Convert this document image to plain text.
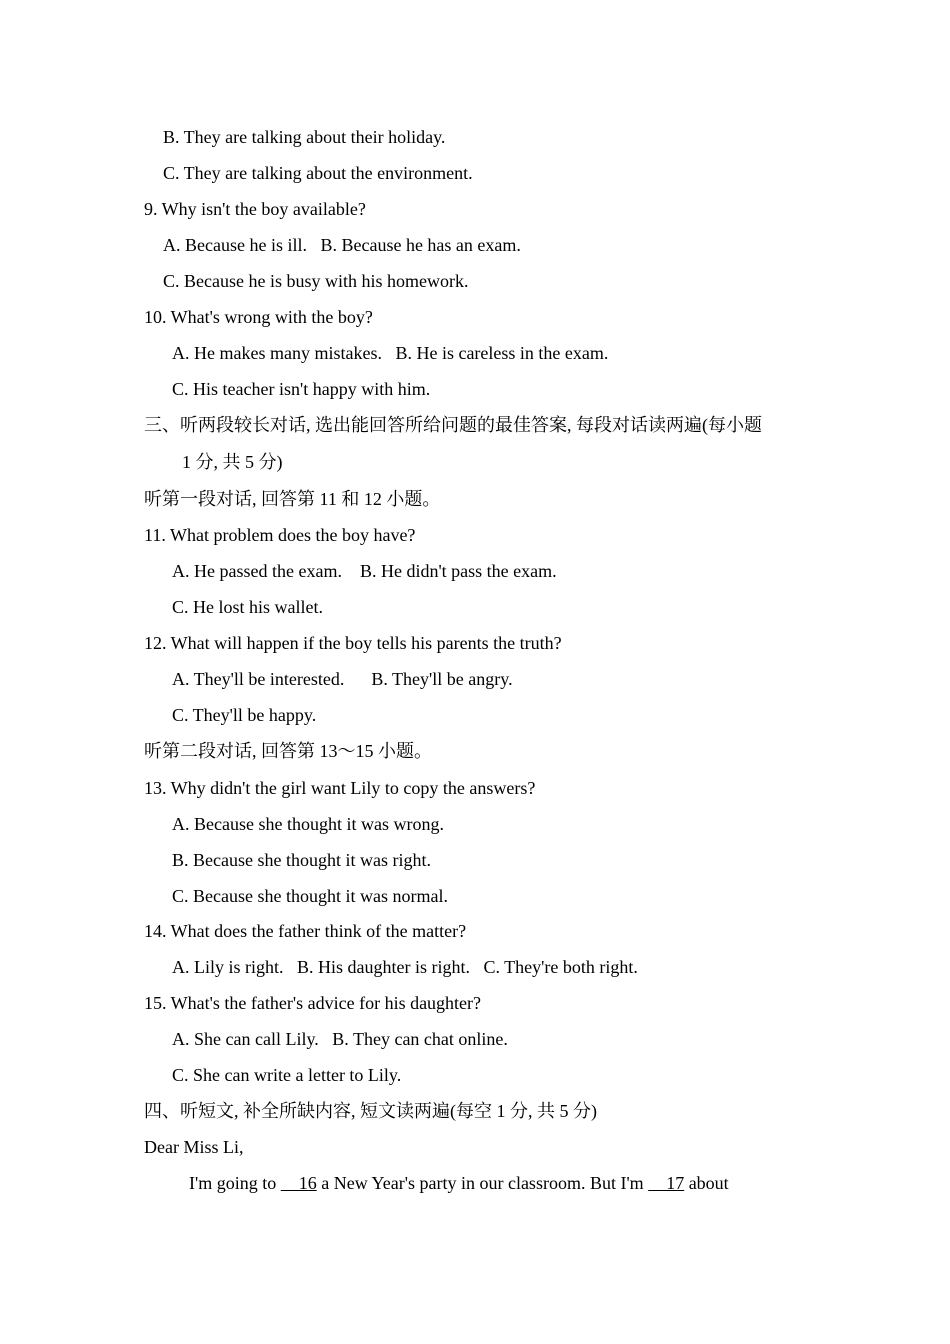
B. They are talking about their holiday.
C. They are talking about the environment.
9. Why isn't the boy available?
A. Because he is ill.   B. Because he has an exam.
C. Because he is busy with his homework.
10. What's wrong with the boy?
A. He makes many mistakes.   B. He is careless in the exam.
C. His teacher isn't happy with him.
三、听两段较长对话, 选出能回答所给问题的最佳答案, 每段对话读两遍(每小题
1 分, 共 5 分)
听第一段对话, 回答第 11 和 12 小题。
11. What problem does the boy have?
A. He passed the exam.    B. He didn't pass the exam.
C. He lost his wallet.
12. What will happen if the boy tells his parents the truth?
A. They'll be interested.      B. They'll be angry.
C. They'll be happy.
听第二段对话, 回答第 13～15 小题。
13. Why didn't the girl want Lily to copy the answers?
A. Because she thought it was wrong.
B. Because she thought it was right.
C. Because she thought it was normal.
14. What does the father think of the matter?
A. Lily is right.   B. His daughter is right.   C. They're both right.
15. What's the father's advice for his daughter?
A. She can call Lily.   B. They can chat online.
C. She can write a letter to Lily.
四、听短文, 补全所缺内容, 短文读两遍(每空 1 分, 共 5 分)
Dear Miss Li,
I'm going to     16 a New Year's party in our classroom. But I'm     17 about
